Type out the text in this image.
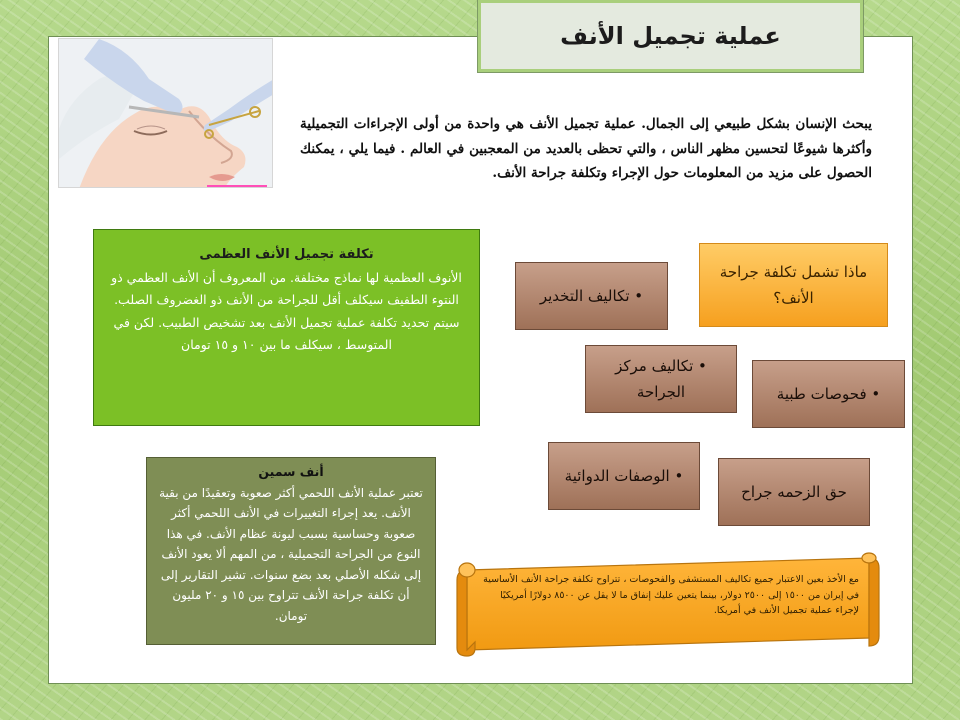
عملية تجميل الأنف
يبحث الإنسان بشكل طبيعي إلى الجمال. عملية تجميل الأنف هي واحدة من أولى الإجراءات التجميلية وأكثرها شيوعًا لتحسين مظهر الناس ، والتي تحظى بالعديد من المعجبين في العالم . فيما يلي ، يمكنك الحصول على مزيد من المعلومات حول الإجراء وتكلفة جراحة الأنف.
تكلفة تجميل الأنف العظمى
الأنوف العظمية لها نماذج مختلفة. من المعروف أن الأنف العظمي ذو النتوء الطفيف سيكلف أقل للجراحة من الأنف ذو الغضروف الصلب. سيتم تحديد تكلفة عملية تجميل الأنف بعد تشخيص الطبيب. لكن في المتوسط ، سيكلف ما بين ١٠ و ١٥ تومان
أنف سمين
تعتبر عملية الأنف اللحمي أكثر صعوبة وتعقيدًا من بقية الأنف. يعد إجراء التغييرات في الأنف اللحمي أكثر صعوبة وحساسية بسبب ليونة عظام الأنف. في هذا النوع من الجراحة التجميلية ، من المهم ألا يعود الأنف إلى شكله الأصلي بعد بضع سنوات. تشير التقارير إلى أن تكلفة جراحة الأنف تتراوح بين ١٥ و ٢٠ مليون تومان.
ماذا تشمل تكلفة جراحة الأنف؟
• تكاليف التخدير
• تكاليف مركز الجراحة	• فحوصات طبية
• الوصفات الدوائية
حق الزحمه جراح
مع الأخذ بعين الاعتبار جميع تكاليف المستشفى والفحوصات ، تتراوح تكلفة جراحة الأنف الأساسية في إيران من ١٥٠٠ إلى ٢٥٠٠ دولار، بينما يتعين عليك إنفاق ما لا يقل عن ٨٥٠٠ دولارًا أمريكيًا لإجراء عملية تجميل الأنف في أمريكا.
